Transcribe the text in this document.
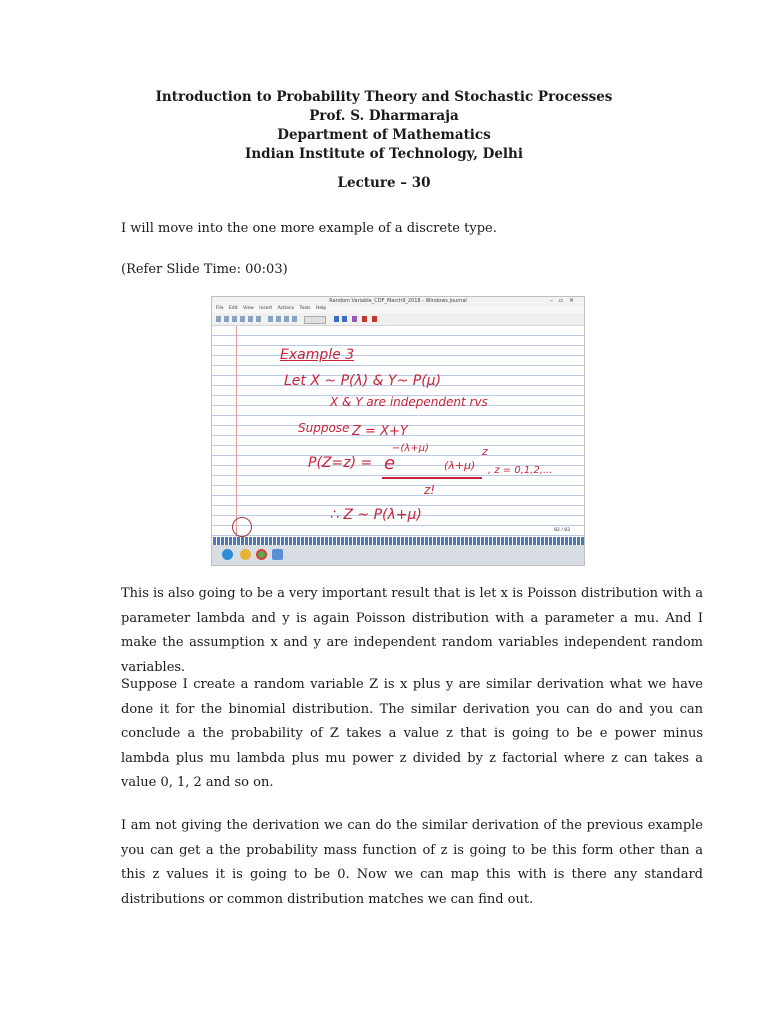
Introduction to Probability Theory and Stochastic Processes
Prof. S. Dharmaraja
Department of Mathematics
Indian Institute of Technology, Delhi
Lecture – 30
I will move into the one more example of a discrete type.
(Refer Slide Time: 00:03)
Random Variable_CDF_March9_2018 - Windows Journal	–▫✕
File Edit View Insert Actions Tools Help
Example 3
Let X ~ P(λ) & Y~ P(μ)
X & Y are independent rvs
Suppose Z = X+Y
P(Z=z) = e
−(λ+μ)
(λ+μ)
z
, z = 0,1,2,...
z!
∴ Z ~ P(λ+μ)
82 / 83
This is also going to be a very important result that is let x is Poisson distribution with a parameter lambda and y is again Poisson distribution with a parameter a mu. And I make the assumption x and y are independent random variables independent random variables.
Suppose I create a random variable Z is x plus y are similar derivation what we have done it for the binomial distribution. The similar derivation you can do and you can conclude a the probability of Z takes a value z that is going to be e power minus lambda plus mu lambda plus mu power z divided by z factorial where z can takes a value 0, 1, 2 and so on.
I am not giving the derivation we can do the similar derivation of the previous example you can get a the probability mass function of z is going to be this form other than a this z values it is going to be 0. Now we can map this with is there any standard distributions or common distribution matches we can find out.
